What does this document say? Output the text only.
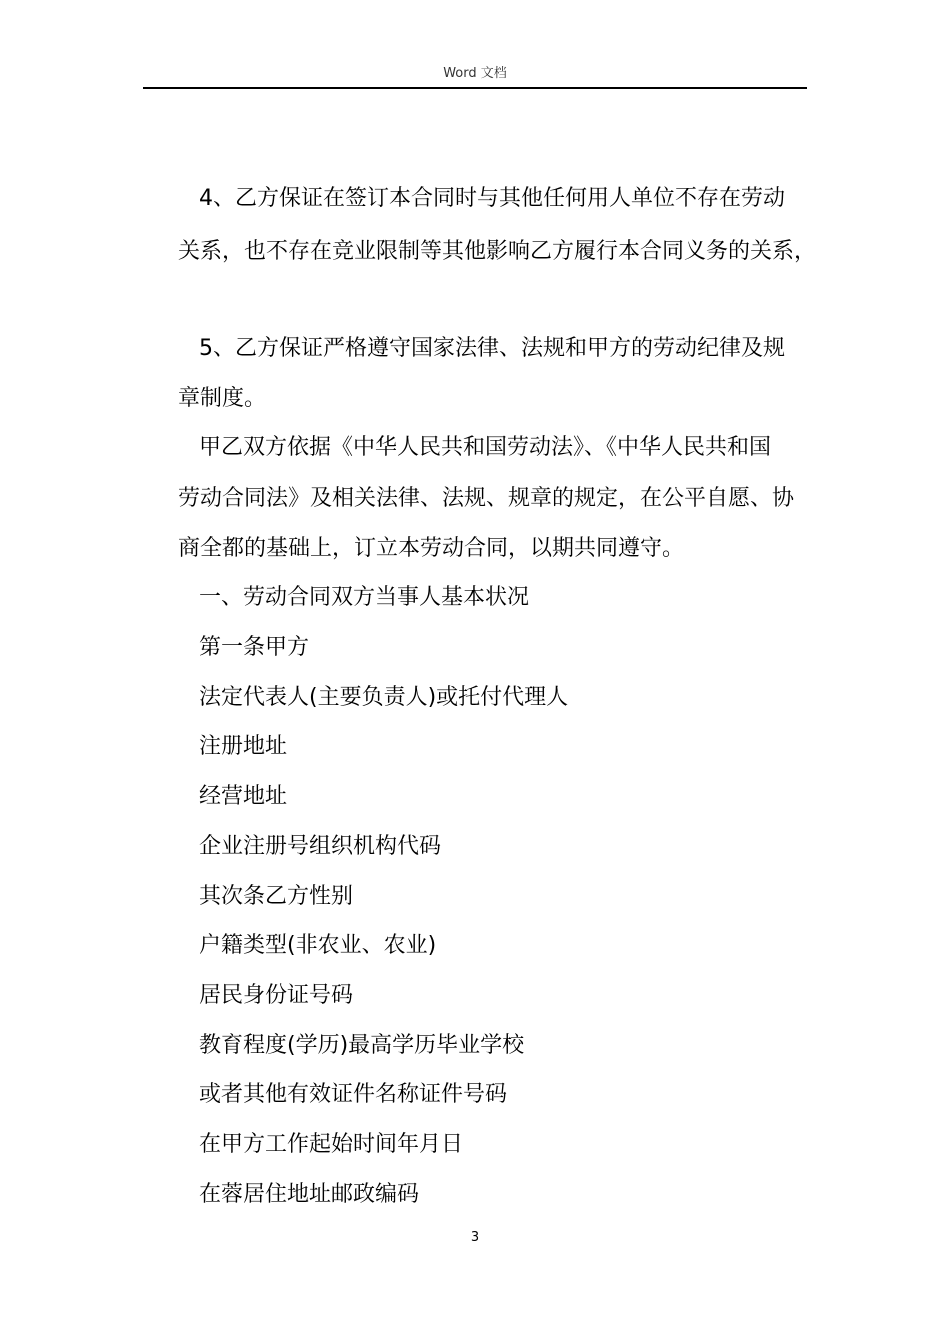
Word 文档
4、乙方保证在签订本合同时与其他任何用人单位不存在劳动
关系，也不存在竞业限制等其他影响乙方履行本合同义务的关系，
5、乙方保证严格遵守国家法律、法规和甲方的劳动纪律及规
章制度。
甲乙双方依据《中华人民共和国劳动法》、《中华人民共和国
劳动合同法》及相关法律、法规、规章的规定，在公平自愿、协
商全都的基础上，订立本劳动合同，以期共同遵守。
一、劳动合同双方当事人基本状况
第一条甲方
法定代表人(主要负责人)或托付代理人
注册地址
经营地址
企业注册号组织机构代码
其次条乙方性别
户籍类型(非农业、农业)
居民身份证号码
教育程度(学历)最高学历毕业学校
或者其他有效证件名称证件号码
在甲方工作起始时间年月日
在蓉居住地址邮政编码
3
